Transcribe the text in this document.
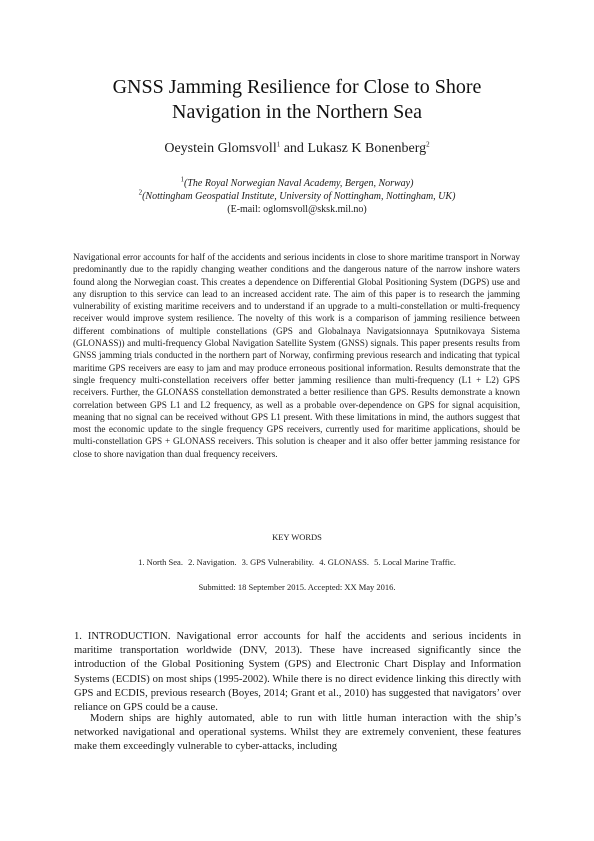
GNSS Jamming Resilience for Close to Shore
Navigation in the Northern Sea
Oeystein Glomsvoll$^1$ and Lukasz K Bonenberg$^2$
$^1$(The Royal Norwegian Naval Academy, Bergen, Norway)
$^2$(Nottingham Geospatial Institute, University of Nottingham, Nottingham, UK)
(E-mail: oglomsvoll@sksk.mil.no)

Navigational error accounts for half of the accidents and serious incidents in close to shore maritime transport in Norway predominantly due to the rapidly changing weather conditions and the dangerous nature of the narrow inshore waters found along the Norwegian coast. This creates a dependence on Differential Global Positioning System (DGPS) use and any disruption to this service can lead to an increased accident rate. The aim of this paper is to research the jamming vulnerability of existing maritime receivers and to understand if an upgrade to a multi-constellation or multi-frequency receiver would improve system resilience. The novelty of this work is a comparison of jamming resilience between different combinations of multiple constellations (GPS and Globalnaya Navigatsionnaya Sputnikovaya Sistema (GLONASS)) and multi-frequency Global Navigation Satellite System (GNSS) signals. This paper presents results from GNSS jamming trials conducted in the northern part of Norway, confirming previous research and indicating that typical maritime GPS receivers are easy to jam and may produce erroneous positional information. Results demonstrate that the single frequency multi-constellation receivers offer better jamming resilience than multi-frequency (L1 + L2) GPS receivers. Further, the GLONASS constellation demonstrated a better resilience than GPS. Results demonstrate a known correlation between GPS L1 and L2 frequency, as well as a probable over-dependence on GPS for signal acquisition, meaning that no signal can be received without GPS L1 present. With these limitations in mind, the authors suggest that most the economic update to the single frequency GPS receivers, currently used for maritime applications, should be multi-constellation GPS + GLONASS receivers. This solution is cheaper and it also offer better jamming resistance for close to shore navigation than dual frequency receivers.

KEY WORDS
1. North Sea. 2. Navigation. 3. GPS Vulnerability. 4. GLONASS. 5. Local Marine Traffic.
Submitted: 18 September 2015. Accepted: XX May 2016.

1. INTRODUCTION. Navigational error accounts for half the accidents and serious incidents in maritime transportation worldwide (DNV, 2013). These have increased significantly since the introduction of the Global Positioning System (GPS) and Electronic Chart Display and Information Systems (ECDIS) on most ships (1995-2002). While there is no direct evidence linking this directly with GPS and ECDIS, previous research (Boyes, 2014; Grant et al., 2010) has suggested that navigators’ over reliance on GPS could be a cause.

Modern ships are highly automated, able to run with little human interaction with the ship’s networked navigational and operational systems. Whilst they are extremely convenient, these features make them exceedingly vulnerable to cyber-attacks, including
